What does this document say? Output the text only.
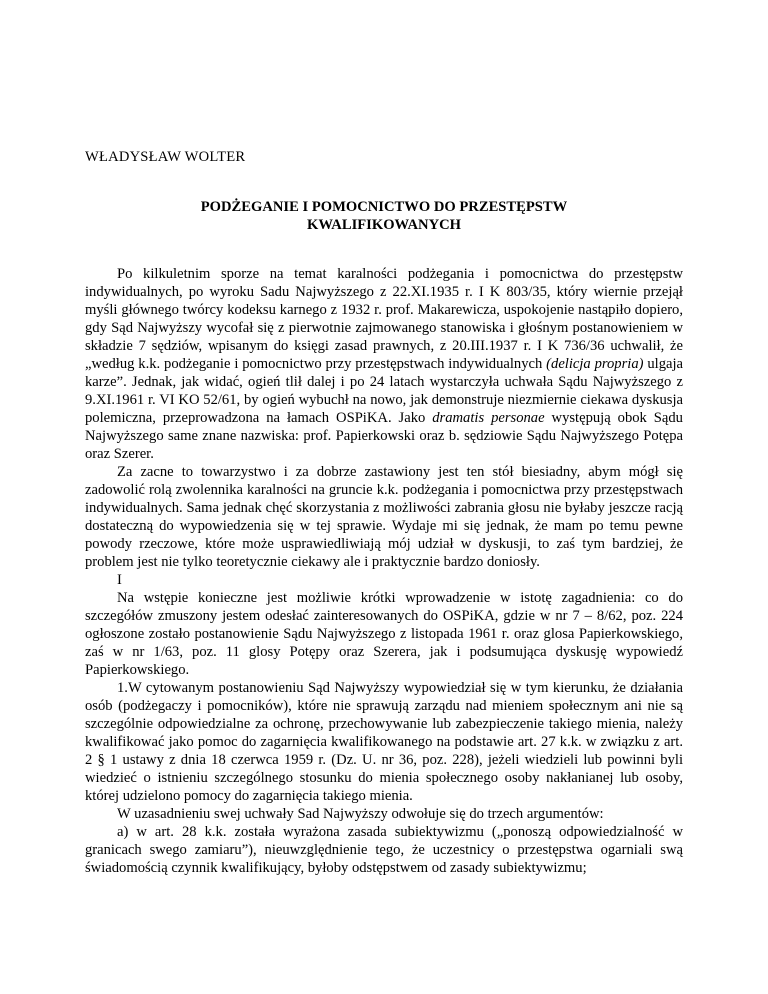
WŁADYSŁAW WOLTER

PODŻEGANIE I POMOCNICTWO DO PRZESTĘPSTW
KWALIFIKOWANYCH

Po kilkuletnim sporze na temat karalności podżegania i pomocnictwa do przestępstw indywidualnych, po wyroku Sadu Najwyższego z 22.XI.1935 r. I K 803/35, który wiernie przejął myśli głównego twórcy kodeksu karnego z 1932 r. prof. Makarewicza, uspokojenie nastąpiło dopiero, gdy Sąd Najwyższy wycofał się z pierwotnie zajmowanego stanowiska i głośnym postanowieniem w składzie 7 sędziów, wpisanym do księgi zasad prawnych, z 20.III.1937 r. I K 736/36 uchwalił, że „według k.k. podżeganie i pomocnictwo przy przestępstwach indywidualnych (delicja propria) ulgaja karze”. Jednak, jak widać, ogień tlił dalej i po 24 latach wystarczyła uchwała Sądu Najwyższego z 9.XI.1961 r. VI KO 52/61, by ogień wybuchł na nowo, jak demonstruje niezmiernie ciekawa dyskusja polemiczna, przeprowadzona na łamach OSPiKA. Jako dramatis personae występują obok Sądu Najwyższego same znane nazwiska: prof. Papierkowski oraz b. sędziowie Sądu Najwyższego Potępa oraz Szerer.

Za zacne to towarzystwo i za dobrze zastawiony jest ten stół biesiadny, abym mógł się zadowolić rolą zwolennika karalności na gruncie k.k. podżegania i pomocnictwa przy przestępstwach indywidualnych. Sama jednak chęć skorzystania z możliwości zabrania głosu nie byłaby jeszcze racją dostateczną do wypowiedzenia się w tej sprawie. Wydaje mi się jednak, że mam po temu pewne powody rzeczowe, które może usprawiedliwiają mój udział w dyskusji, to zaś tym bardziej, że problem jest nie tylko teoretycznie ciekawy ale i praktycznie bardzo doniosły.

I

Na wstępie konieczne jest możliwie krótki wprowadzenie w istotę zagadnienia: co do szczegółów zmuszony jestem odesłać zainteresowanych do OSPiKA, gdzie w nr 7 – 8/62, poz. 224 ogłoszone zostało postanowienie Sądu Najwyższego z listopada 1961 r. oraz glosa Papierkowskiego, zaś w nr 1/63, poz. 11 glosy Potępy oraz Szerera, jak i podsumująca dyskusję wypowiedź Papierkowskiego.

1.W cytowanym postanowieniu Sąd Najwyższy wypowiedział się w tym kierunku, że działania osób (podżegaczy i pomocników), które nie sprawują zarządu nad mieniem społecznym ani nie są szczególnie odpowiedzialne za ochronę, przechowywanie lub zabezpieczenie takiego mienia, należy kwalifikować jako pomoc do zagarnięcia kwalifikowanego na podstawie art. 27 k.k. w związku z art. 2 § 1 ustawy z dnia 18 czerwca 1959 r. (Dz. U. nr 36, poz. 228), jeżeli wiedzieli lub powinni byli wiedzieć o istnieniu szczególnego stosunku do mienia społecznego osoby nakłanianej lub osoby, której udzielono pomocy do zagarnięcia takiego mienia.

W uzasadnieniu swej uchwały Sad Najwyższy odwołuje się do trzech argumentów:

a) w art. 28 k.k. została wyrażona zasada subiektywizmu („ponoszą odpowiedzialność w granicach swego zamiaru”), nieuwzględnienie tego, że uczestnicy o przestępstwa ogarniali swą świadomością czynnik kwalifikujący, byłoby odstępstwem od zasady subiektywizmu;
